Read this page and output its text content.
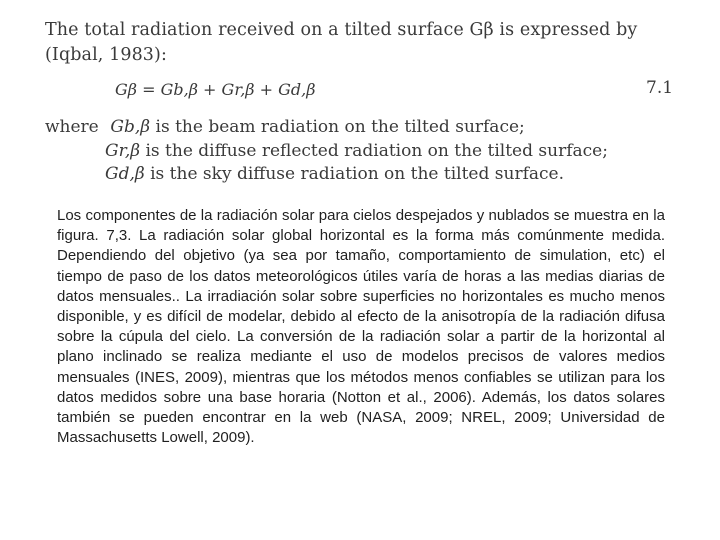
The total radiation received on a tilted surface Gβ is expressed by (Iqbal, 1983):
Gβ = Gb,β + Gr,β + Gd,β	7.1
where Gb,β is the beam radiation on the tilted surface;
Gr,β is the diffuse reflected radiation on the tilted surface;
Gd,β is the sky diffuse radiation on the tilted surface.
Los componentes de la radiación solar para cielos despejados y nublados se muestra en la figura. 7,3. La radiación solar global horizontal es la forma más comúnmente medida. Dependiendo del objetivo (ya sea por tamaño, comportamiento de simulation, etc) el tiempo de paso de los datos meteorológicos útiles varía de horas a las medias diarias de datos mensuales.. La irradiación solar sobre superficies no horizontales es mucho menos disponible, y es difícil de modelar, debido al efecto de la anisotropía de la radiación difusa sobre la cúpula del cielo. La conversión de la radiación solar a partir de la horizontal al plano inclinado se realiza mediante el uso de modelos precisos de valores medios mensuales (INES, 2009), mientras que los métodos menos confiables se utilizan para los datos medidos sobre una base horaria (Notton et al., 2006). Además, los datos solares también se pueden encontrar en la web (NASA, 2009; NREL, 2009; Universidad de Massachusetts Lowell, 2009).
